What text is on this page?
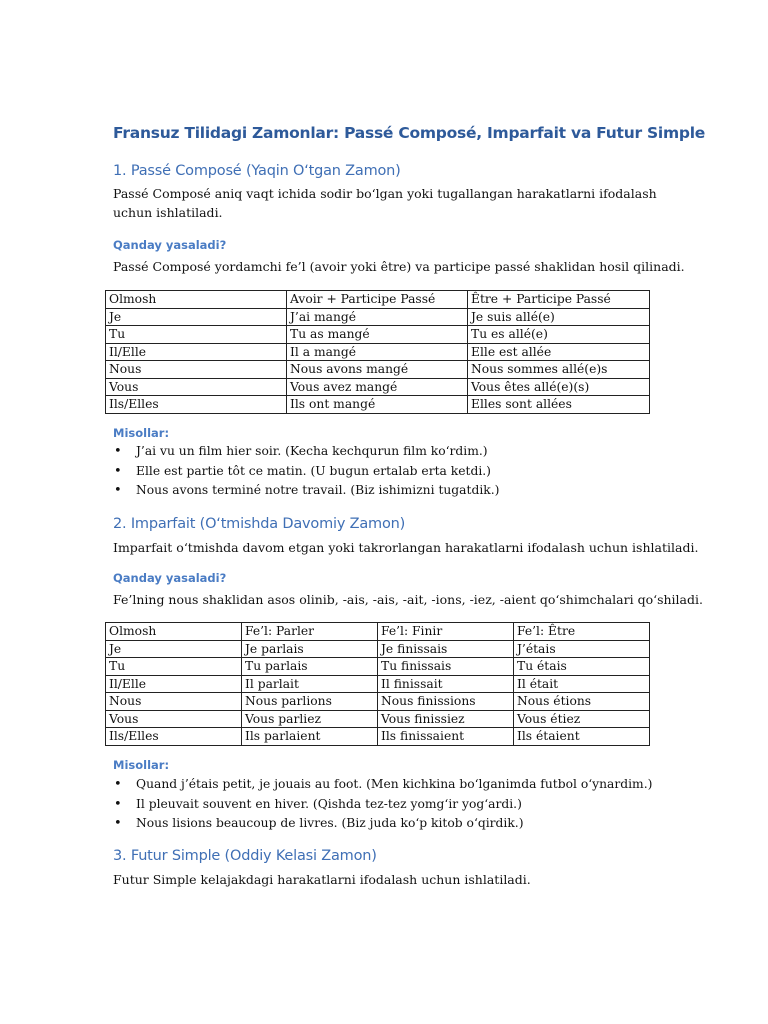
Fransuz Tilidagi Zamonlar: Passé Composé, Imparfait va Futur Simple
1. Passé Composé (Yaqin O‘tgan Zamon)
Passé Composé aniq vaqt ichida sodir bo‘lgan yoki tugallangan harakatlarni ifodalash uchun ishlatiladi.
Qanday yasaladi?
Passé Composé yordamchi fe’l (avoir yoki être) va participe passé shaklidan hosil qilinadi.
Olmosh	Avoir + Participe Passé	Être + Participe Passé
Je	J’ai mangé	Je suis allé(e)
Tu	Tu as mangé	Tu es allé(e)
Il/Elle	Il a mangé	Elle est allée
Nous	Nous avons mangé	Nous sommes allé(e)s
Vous	Vous avez mangé	Vous êtes allé(e)(s)
Ils/Elles	Ils ont mangé	Elles sont allées
Misollar:
• J’ai vu un film hier soir. (Kecha kechqurun film ko‘rdim.)
• Elle est partie tôt ce matin. (U bugun ertalab erta ketdi.)
• Nous avons terminé notre travail. (Biz ishimizni tugatdik.)
2. Imparfait (O‘tmishda Davomiy Zamon)
Imparfait o‘tmishda davom etgan yoki takrorlangan harakatlarni ifodalash uchun ishlatiladi.
Qanday yasaladi?
Fe’lning nous shaklidan asos olinib, -ais, -ais, -ait, -ions, -iez, -aient qo‘shimchalari qo‘shiladi.
Olmosh	Fe’l: Parler	Fe’l: Finir	Fe’l: Être
Je	Je parlais	Je finissais	J’étais
Tu	Tu parlais	Tu finissais	Tu étais
Il/Elle	Il parlait	Il finissait	Il était
Nous	Nous parlions	Nous finissions	Nous étions
Vous	Vous parliez	Vous finissiez	Vous étiez
Ils/Elles	Ils parlaient	Ils finissaient	Ils étaient
Misollar:
• Quand j’étais petit, je jouais au foot. (Men kichkina bo‘lganimda futbol o‘ynardim.)
• Il pleuvait souvent en hiver. (Qishda tez-tez yomg‘ir yog‘ardi.)
• Nous lisions beaucoup de livres. (Biz juda ko‘p kitob o‘qirdik.)
3. Futur Simple (Oddiy Kelasi Zamon)
Futur Simple kelajakdagi harakatlarni ifodalash uchun ishlatiladi.
